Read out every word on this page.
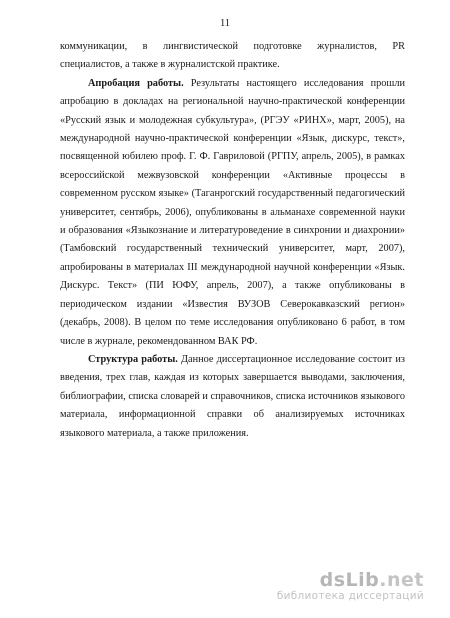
11

коммуникации, в лингвистической подготовке журналистов, PR специалистов, а также в журналистской практике.

Апробация работы. Результаты настоящего исследования прошли апробацию в докладах на региональной научно-практической конференции «Русский язык и молодежная субкультура», (РГЭУ «РИНХ», март, 2005), на международной научно-практической конференции «Язык, дискурс, текст», посвященной юбилею проф. Г. Ф. Гавриловой (РГПУ, апрель, 2005), в рамках всероссийской межвузовской конференции «Активные процессы в современном русском языке» (Таганрогский государственный педагогический университет, сентябрь, 2006), опубликованы в альманахе современной науки и образования «Языкознание и литературоведение в синхронии и диахронии» (Тамбовский государственный технический университет, март, 2007), апробированы в материалах III международной научной конференции «Язык. Дискурс. Текст» (ПИ ЮФУ, апрель, 2007), а также опубликованы в периодическом издании «Известия ВУЗОВ Северокавказский регион» (декабрь, 2008). В целом по теме исследования опубликовано 6 работ, в том числе в журнале, рекомендованном ВАК РФ.

Структура работы. Данное диссертационное исследование состоит из введения, трех глав, каждая из которых завершается выводами, заключения, библиографии, списка словарей и справочников, списка источников языкового материала, информационной справки об анализируемых источниках языкового материала, а также приложения.

dsLib.net
библиотека диссертаций
